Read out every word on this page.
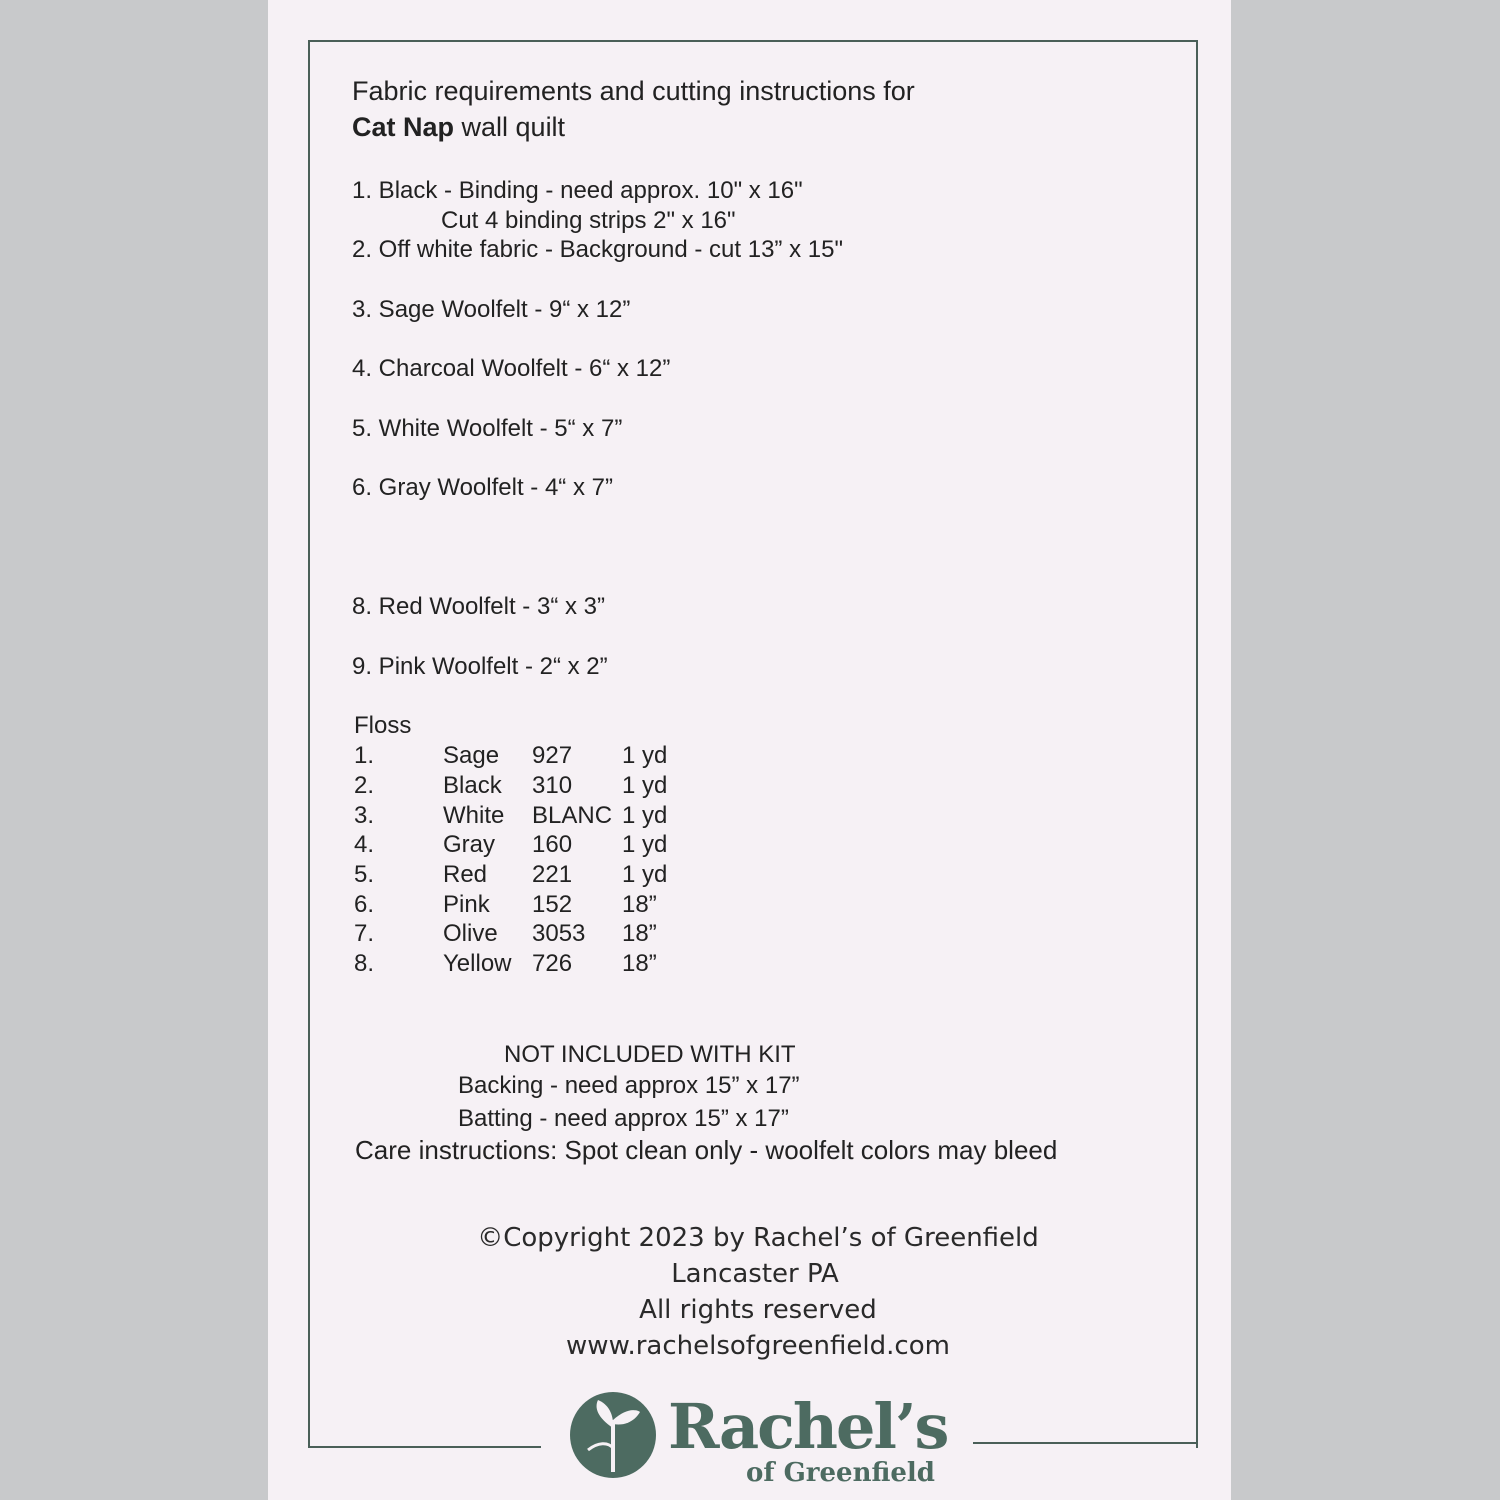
Fabric requirements and cutting instructions for
Cat Nap wall quilt
1. Black - Binding - need approx. 10" x 16"
Cut 4 binding strips 2" x 16"
2. Off white fabric - Background - cut 13” x 15"
3. Sage Woolfelt - 9“ x 12”
4. Charcoal Woolfelt - 6“ x 12”
5. White Woolfelt - 5“ x 7”
6. Gray Woolfelt - 4“ x 7”
8. Red Woolfelt - 3“ x 3”
9. Pink Woolfelt - 2“ x 2”
Floss
1.	Sage 927 1 yd
2.	Black 310 1 yd
3.	White BLANC 1 yd
4.	Gray 160 1 yd
5.	Red 221 1 yd
6.	Pink 152 18”
7.	Olive 3053 18”
8.	Yellow 726 18”
NOT INCLUDED WITH KIT
Backing - need approx 15” x 17”
Batting - need approx 15” x 17”
Care instructions: Spot clean only - woolfelt colors may bleed
©Copyright 2023 by Rachel’s of Greenfield
Lancaster PA
All rights reserved
www.rachelsofgreenfield.com
Rachel’s
of Greenfield
